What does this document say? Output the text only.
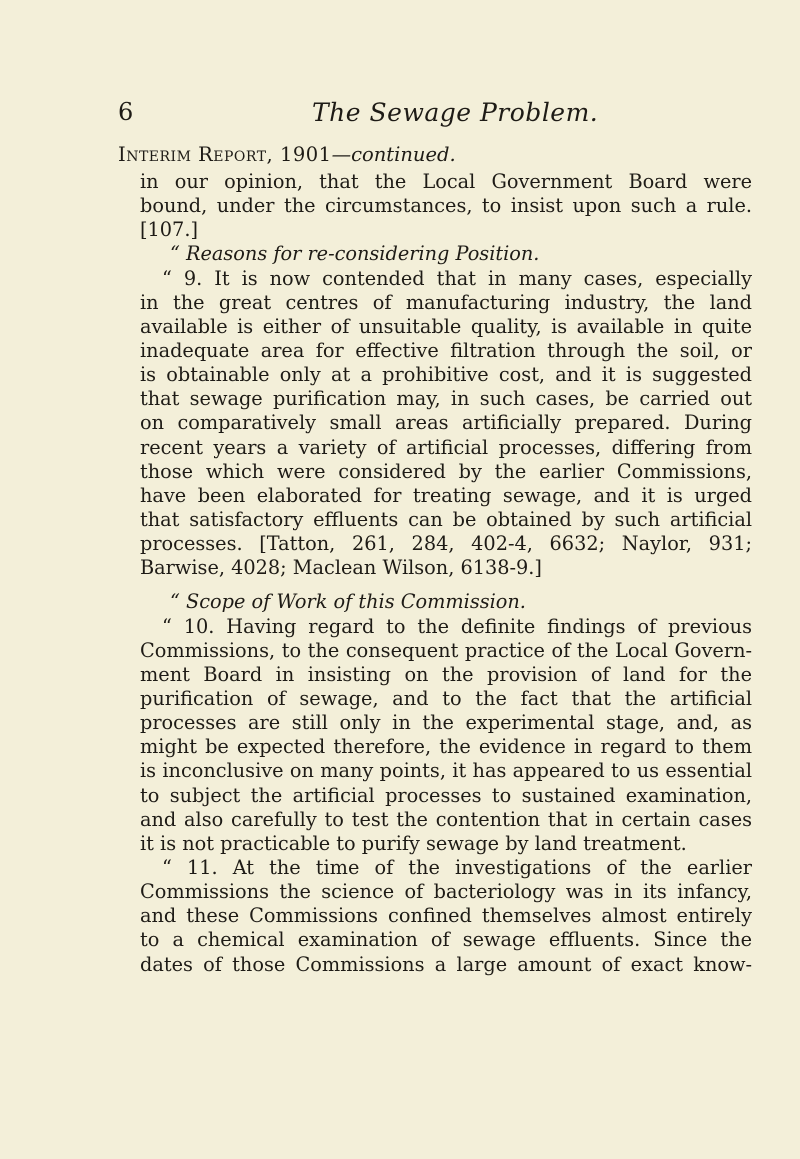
6	The Sewage Problem.
Interim Report, 1901—continued.
in our opinion, that the Local Government Board were
bound, under the circumstances, to insist upon such a rule.
[107.]
“ Reasons for re-considering Position.
“ 9. It is now contended that in many cases, especially
in the great centres of manufacturing industry, the land
available is either of unsuitable quality, is available in quite
inadequate area for effective filtration through the soil, or
is obtainable only at a prohibitive cost, and it is suggested
that sewage purification may, in such cases, be carried out
on comparatively small areas artificially prepared. During
recent years a variety of artificial processes, differing from
those which were considered by the earlier Commissions,
have been elaborated for treating sewage, and it is urged
that satisfactory effluents can be obtained by such artificial
processes. [Tatton, 261, 284, 402-4, 6632; Naylor, 931;
Barwise, 4028; Maclean Wilson, 6138-9.]
“ Scope of Work of this Commission.
“ 10. Having regard to the definite findings of previous
Commissions, to the consequent practice of the Local Govern-
ment Board in insisting on the provision of land for the
purification of sewage, and to the fact that the artificial
processes are still only in the experimental stage, and, as
might be expected therefore, the evidence in regard to them
is inconclusive on many points, it has appeared to us essential
to subject the artificial processes to sustained examination,
and also carefully to test the contention that in certain cases
it is not practicable to purify sewage by land treatment.
“ 11. At the time of the investigations of the earlier
Commissions the science of bacteriology was in its infancy,
and these Commissions confined themselves almost entirely
to a chemical examination of sewage effluents. Since the
dates of those Commissions a large amount of exact know-
